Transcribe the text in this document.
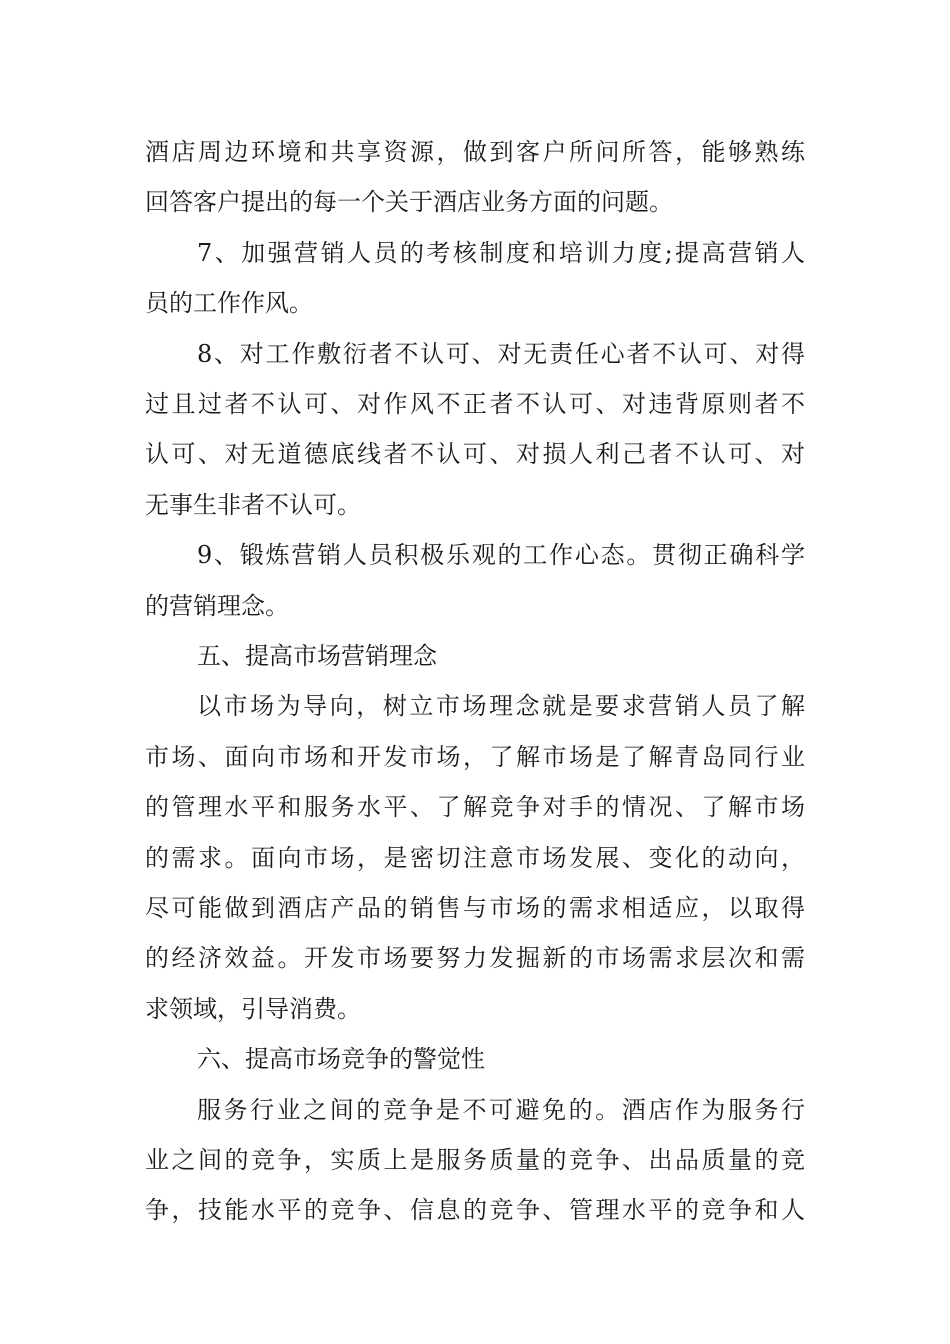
酒店周边环境和共享资源，做到客户所问所答，能够熟练
回答客户提出的每一个关于酒店业务方面的问题。
7、加强营销人员的考核制度和培训力度;提高营销人
员的工作作风。
8、对工作敷衍者不认可、对无责任心者不认可、对得
过且过者不认可、对作风不正者不认可、对违背原则者不
认可、对无道德底线者不认可、对损人利己者不认可、对
无事生非者不认可。
9、锻炼营销人员积极乐观的工作心态。贯彻正确科学
的营销理念。
五、提高市场营销理念
以市场为导向，树立市场理念就是要求营销人员了解
市场、面向市场和开发市场，了解市场是了解青岛同行业
的管理水平和服务水平、了解竞争对手的情况、了解市场
的需求。面向市场，是密切注意市场发展、变化的动向，
尽可能做到酒店产品的销售与市场的需求相适应，以取得
的经济效益。开发市场要努力发掘新的市场需求层次和需
求领域，引导消费。
六、提高市场竞争的警觉性
服务行业之间的竞争是不可避免的。酒店作为服务行
业之间的竞争，实质上是服务质量的竞争、出品质量的竞
争，技能水平的竞争、信息的竞争、管理水平的竞争和人
